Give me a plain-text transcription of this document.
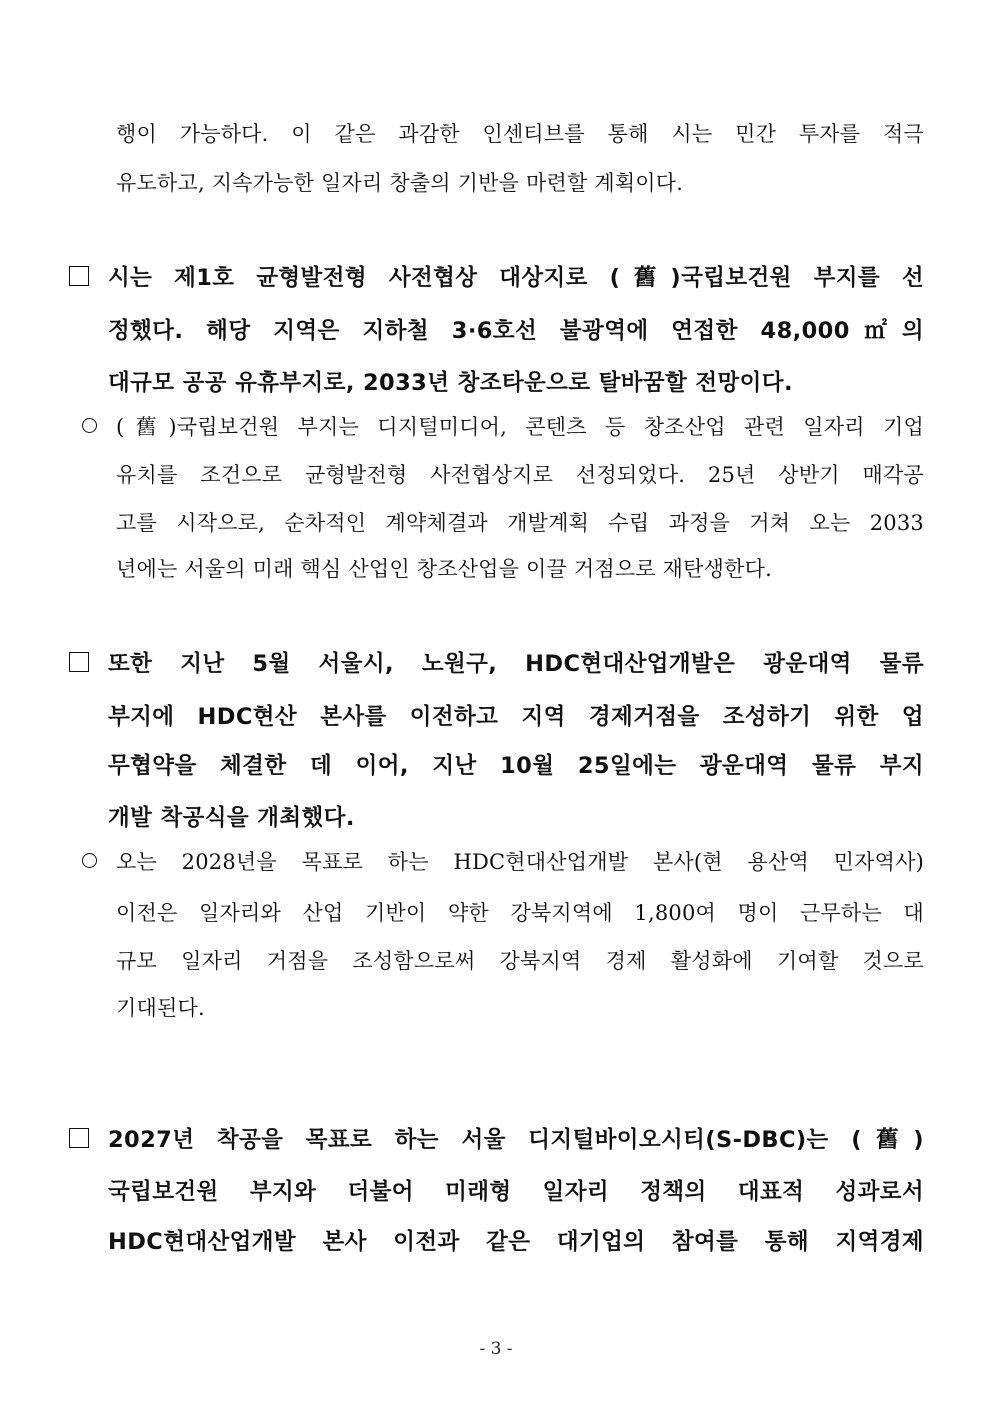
행이 가능하다. 이 같은 과감한 인센티브를 통해 시는 민간 투자를 적극
유도하고, 지속가능한 일자리 창출의 기반을 마련할 계획이다.
시는 제1호 균형발전형 사전협상 대상지로 (舊)국립보건원 부지를 선
정했다. 해당 지역은 지하철 3·6호선 불광역에 연접한 48,000㎡의
대규모 공공 유휴부지로, 2033년 창조타운으로 탈바꿈할 전망이다.
(舊)국립보건원 부지는 디지털미디어, 콘텐츠 등 창조산업 관련 일자리 기업
유치를 조건으로 균형발전형 사전협상지로 선정되었다. 25년 상반기 매각공
고를 시작으로, 순차적인 계약체결과 개발계획 수립 과정을 거쳐 오는 2033
년에는 서울의 미래 핵심 산업인 창조산업을 이끌 거점으로 재탄생한다.
또한 지난 5월 서울시, 노원구, HDC현대산업개발은 광운대역 물류
부지에 HDC현산 본사를 이전하고 지역 경제거점을 조성하기 위한 업
무협약을 체결한 데 이어, 지난 10월 25일에는 광운대역 물류 부지
개발 착공식을 개최했다.
오는 2028년을 목표로 하는 HDC현대산업개발 본사(현 용산역 민자역사)
이전은 일자리와 산업 기반이 약한 강북지역에 1,800여 명이 근무하는 대
규모 일자리 거점을 조성함으로써 강북지역 경제 활성화에 기여할 것으로
기대된다.
2027년 착공을 목표로 하는 서울 디지털바이오시티(S-DBC)는 (舊)
국립보건원 부지와 더불어 미래형 일자리 정책의 대표적 성과로서
HDC현대산업개발 본사 이전과 같은 대기업의 참여를 통해 지역경제
- 3 -
